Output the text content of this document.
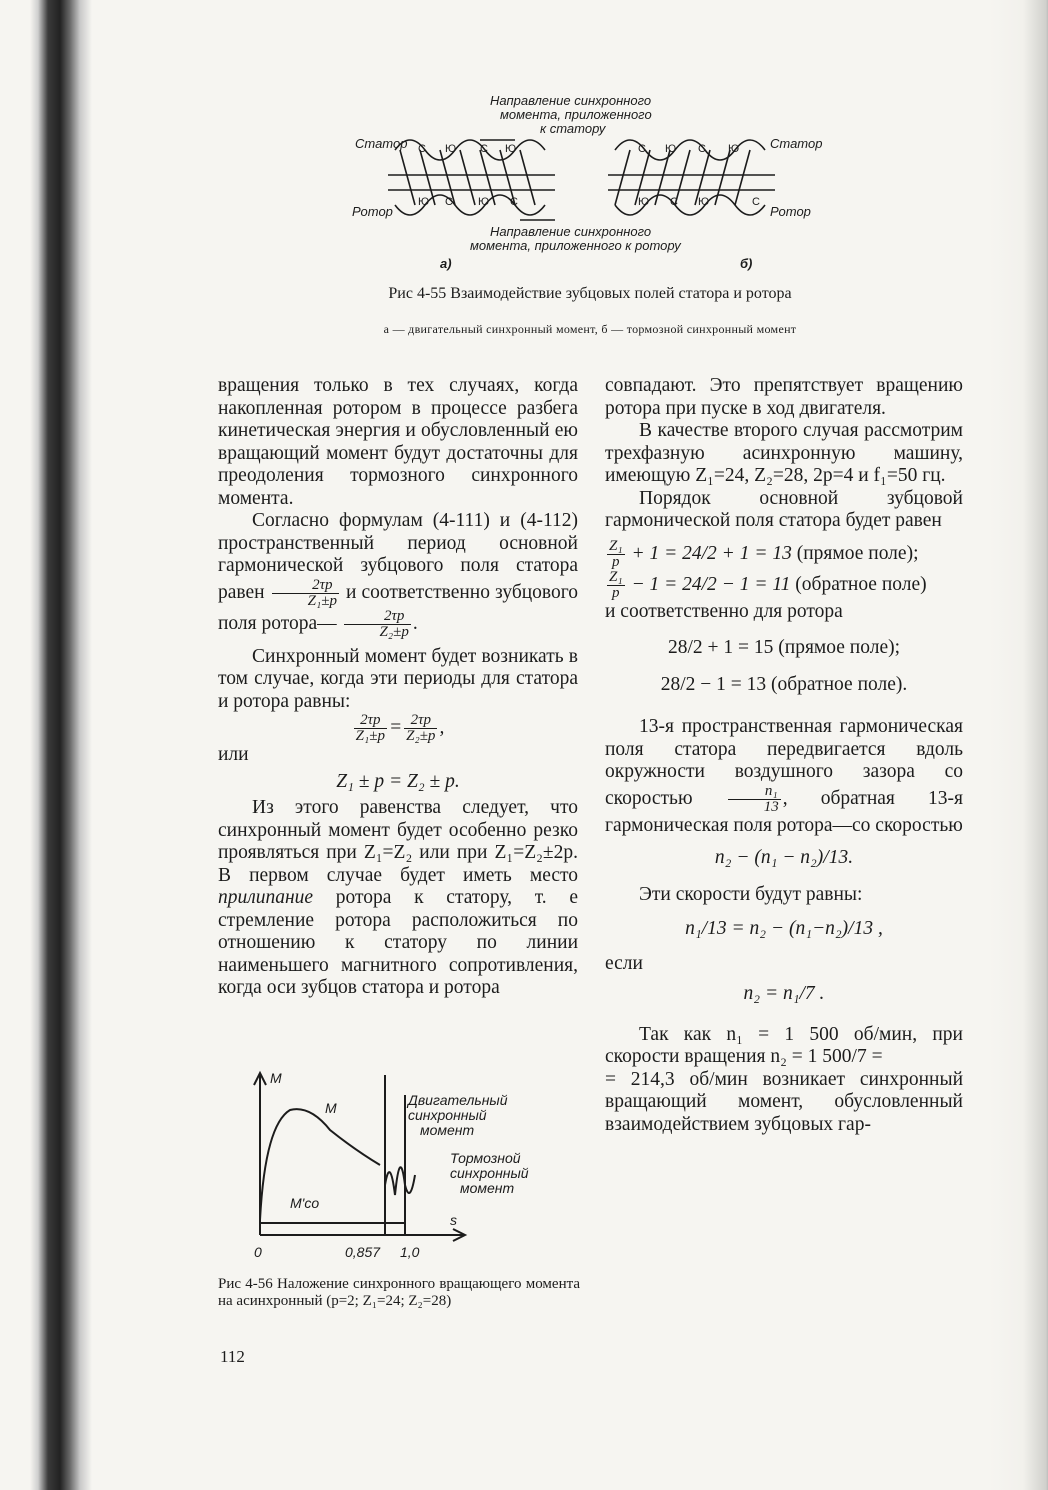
Направление синхронного
момента, приложенного
к статору
Статор	Статор
Ротор	Ротор
Направление синхронного
момента, приложенного к ротору
а)	б)
С Ю С Ю
Ю С Ю С
С Ю С Ю
Ю С Ю	С
Рис 4-55 Взаимодействие зубцовых полей статора и ротора
а — двигательный синхронный момент, б — тормозной синхронный момент

вращения только в тех случаях, когда накопленная ротором в процессе разбега кинетическая энергия и обусловленный ею вращающий момент будут достаточны для преодоления тормозного синхронного момента.

Согласно формулам (4-111) и (4-112) пространственный период основной гармонической зубцового поля статора равен $\frac{2\tau p}{\text{Z₁±p}}$ и соответственно зубцового поля ротора— $\frac{2\tau p}{\text{Z₂±p}}$ .

Синхронный момент будет возникать в том случае, когда эти периоды для статора и ротора равны:

$\frac{2\tau p}{\text{Z₁±p}} = \frac{2\tau p}{\text{Z₂±p}}$ ,

или

Z₁ ± p = Z₂ ± p.

Из этого равенства следует, что синхронный момент будет особенно резко проявляться при Z₁=Z₂ или при Z₁=Z₂±2p. В первом случае будет иметь место прилипание ротора к статору, т. е стремление ротора расположиться по отношению к статору по линии наименьшего магнитного сопротивления, когда оси зубцов статора и ротора

М
s
М
M'co
Двигательный
синхронный
момент
Тормозной
синхронный
момент
0	0,857 1,0
Рис 4-56 Наложение синхронного вращающего момента на асинхронный (p=2; Z₁=24; Z₂=28)
112

совпадают. Это препятствует вращению ротора при пуске в ход двигателя.

В качестве второго случая рассмотрим трехфазную асинхронную машину, имеющую Z₁=24, Z₂=28, 2p=4 и f₁=50 гц.

Порядок основной зубцовой гармонической поля статора будет равен

$\frac{\text{Z₁}}{p} + 1 = 24/2 + 1 = 13$ (прямое поле);

$\frac{\text{Z₁}}{p} - 1 = 24/2 - 1 = 11$ (обратное поле)

и соответственно для ротора

28/2 + 1 = 15 (прямое поле);

28/2 − 1 = 13 (обратное поле).

13-я пространственная гармоническая поля статора передвигается вдоль окружности воздушного зазора со скоростью $\frac{\text{n₁}}{13}$ , обратная 13-я гармоническая поля ротора—со скоростью

n₂ − (n₁ − n₂)/13.

Эти скорости будут равны:

n₁/13 = n₂ − (n₁−n₂)/13 ,

если

n₂ = n₁/7 .

Так как n₁ = 1 500 об/мин, при скорости вращения n₂ = 1 500/7 =

= 214,3 об/мин возникает синхронный вращающий момент, обусловленный взаимодействием зубцовых гар-
